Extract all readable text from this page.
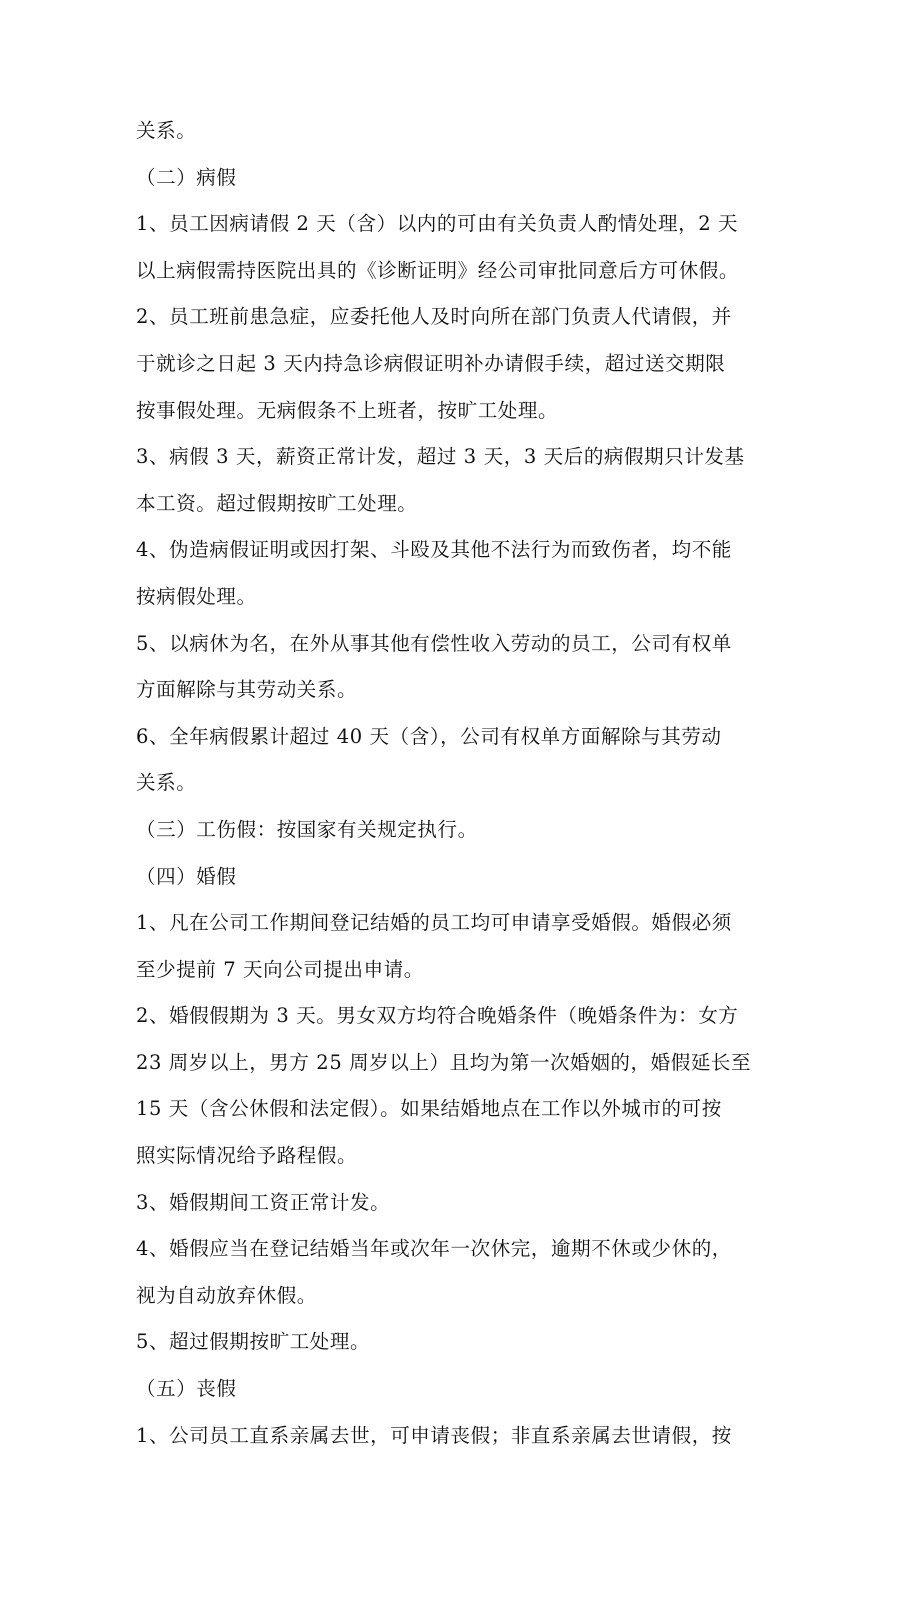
关系。
（二）病假
1、员工因病请假 2 天（含）以内的可由有关负责人酌情处理，2 天
以上病假需持医院出具的《诊断证明》经公司审批同意后方可休假。
2、员工班前患急症，应委托他人及时向所在部门负责人代请假，并
于就诊之日起 3 天内持急诊病假证明补办请假手续，超过送交期限
按事假处理。无病假条不上班者，按旷工处理。
3、病假 3 天，薪资正常计发，超过 3 天，3 天后的病假期只计发基
本工资。超过假期按旷工处理。
4、伪造病假证明或因打架、斗殴及其他不法行为而致伤者，均不能
按病假处理。
5、以病休为名，在外从事其他有偿性收入劳动的员工，公司有权单
方面解除与其劳动关系。
6、全年病假累计超过 40 天（含），公司有权单方面解除与其劳动
关系。
（三）工伤假：按国家有关规定执行。
（四）婚假
1、凡在公司工作期间登记结婚的员工均可申请享受婚假。婚假必须
至少提前 7 天向公司提出申请。
2、婚假假期为 3 天。男女双方均符合晚婚条件（晚婚条件为：女方
23 周岁以上，男方 25 周岁以上）且均为第一次婚姻的，婚假延长至
15 天（含公休假和法定假）。如果结婚地点在工作以外城市的可按
照实际情况给予路程假。
3、婚假期间工资正常计发。
4、婚假应当在登记结婚当年或次年一次休完，逾期不休或少休的，
视为自动放弃休假。
5、超过假期按旷工处理。
（五）丧假
1、公司员工直系亲属去世，可申请丧假；非直系亲属去世请假，按
